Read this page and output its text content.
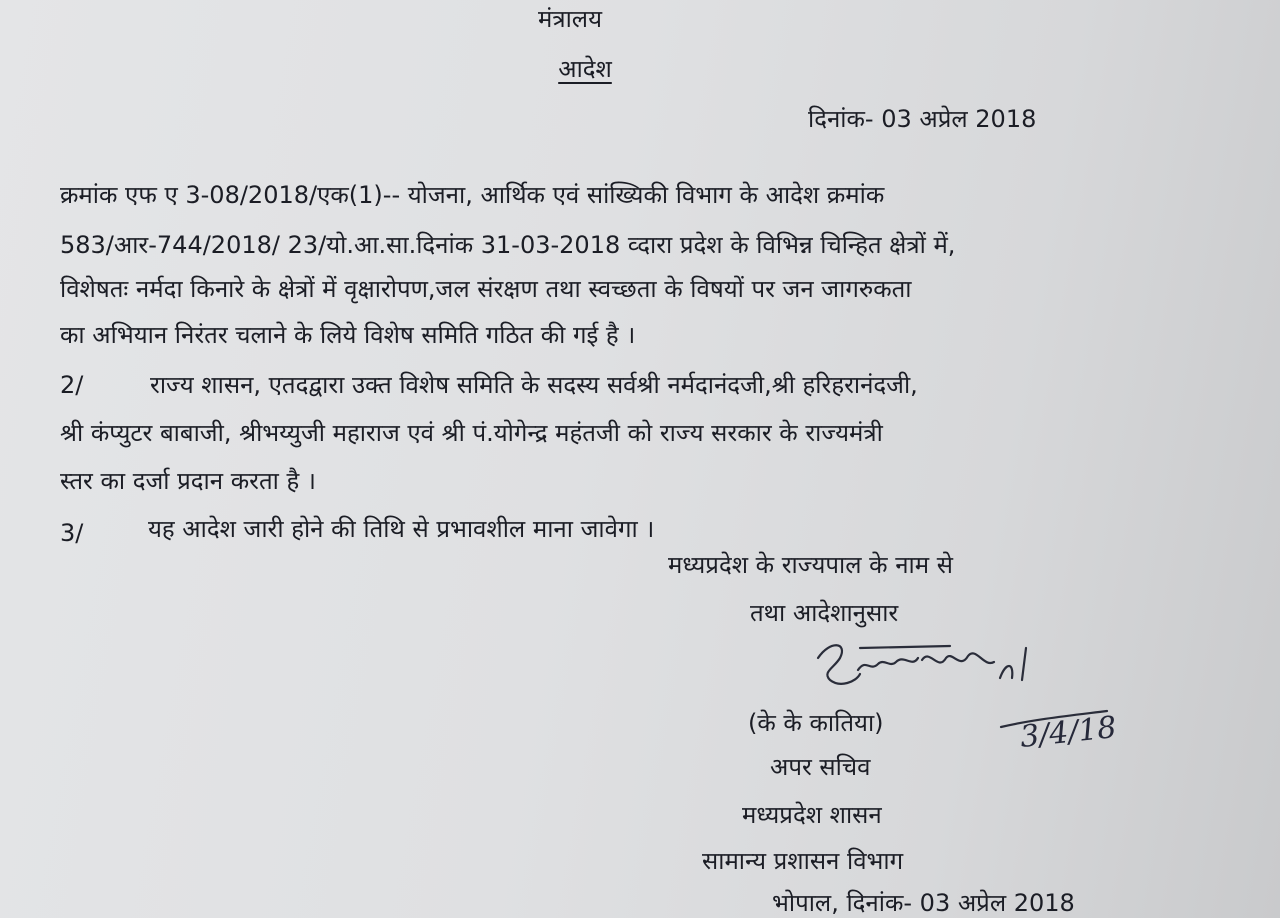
मंत्रालय
आदेश
दिनांक- 03 अप्रेल 2018
क्रमांक एफ ए 3-08/2018/एक(1)-- योजना, आर्थिक एवं सांख्यिकी विभाग के आदेश क्रमांक
583/आर-744/2018/ 23/यो.आ.सा.दिनांक 31-03-2018 व्दारा प्रदेश के विभिन्न चिन्हित क्षेत्रों में,
विशेषतः नर्मदा किनारे के क्षेत्रों में वृक्षारोपण,जल संरक्षण तथा स्वच्छता के विषयों पर जन जागरुकता
का अभियान निरंतर चलाने के लिये विशेष समिति गठित की गई है ।
2/	राज्य शासन, एतदद्वारा उक्त विशेष समिति के सदस्य सर्वश्री नर्मदानंदजी,श्री हरिहरानंदजी,
श्री कंप्युटर बाबाजी, श्रीभय्युजी महाराज एवं श्री पं.योगेन्द्र महंतजी को राज्य सरकार के राज्यमंत्री
स्तर का दर्जा प्रदान करता है ।
3/	यह आदेश जारी होने की तिथि से प्रभावशील माना जावेगा ।
मध्यप्रदेश के राज्यपाल के नाम से
तथा आदेशानुसार
(के के कातिया)	3/4/18
अपर सचिव
मध्यप्रदेश शासन
सामान्य प्रशासन विभाग
भोपाल, दिनांक- 03 अप्रेल 2018
